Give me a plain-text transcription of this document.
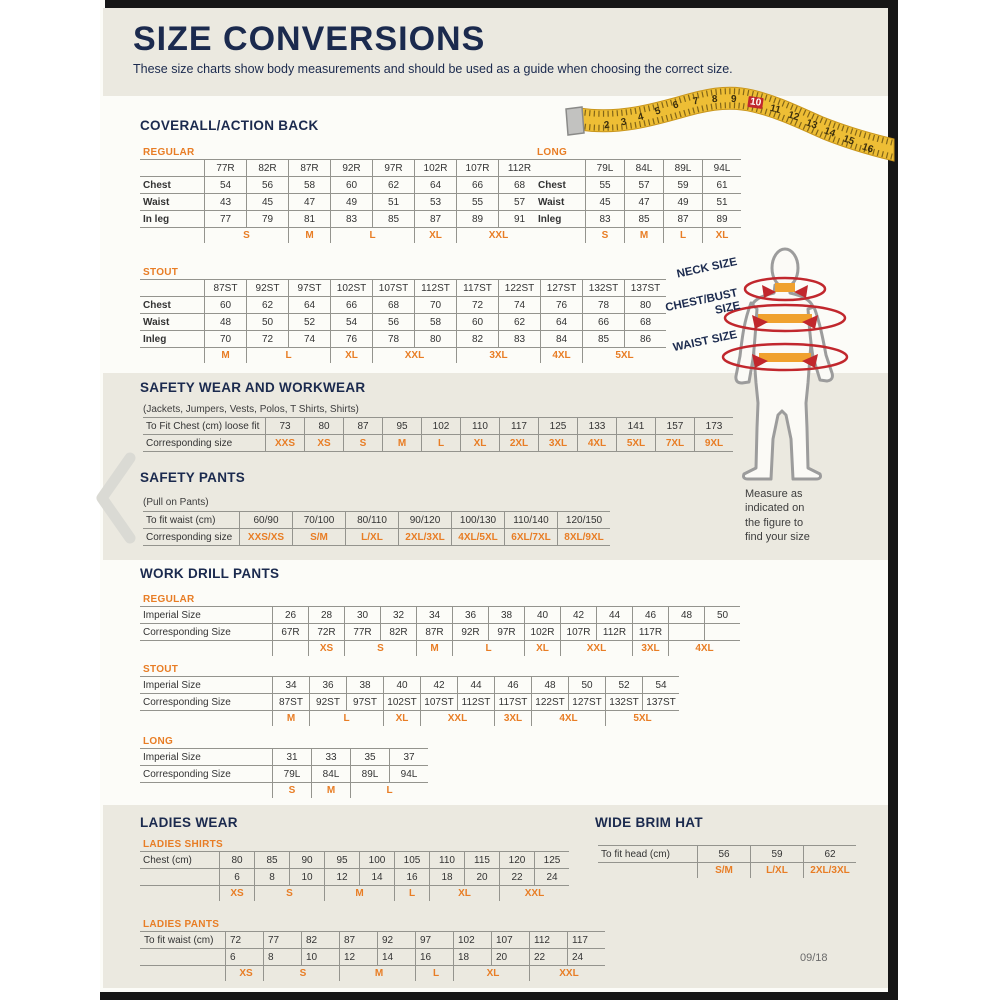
SIZE CONVERSIONS
These size charts show body measurements and should be used as a guide when choosing the correct size.
2 3 4 5 6 7 8 9 10
11
12
13
14
15
16
COVERALL/ACTION BACK
REGULAR
	77R	82R	87R	92R	97R	102R	107R	112R
Chest	54	56	58	60	62	64	66	68
Waist	43	45	47	49	51	53	55	57
In leg	77	79	81	83	85	87	89	91
	S		M	L		XL	XXL	
LONG
	79L	84L	89L	94L
Chest	55	57	59	61
Waist	45	47	49	51
Inleg	83	85	87	89
	S	M	L	XL
STOUT
	87ST	92ST	97ST	102ST	107ST	112ST	117ST	122ST	127ST	132ST	137ST
Chest	60	62	64	66	68	70	72	74	76	78	80
Waist	48	50	52	54	56	58	60	62	64	66	68
Inleg	70	72	74	76	78	80	82	83	84	85	86
	M	L		XL	XXL		3XL		4XL	5XL	
SAFETY WEAR AND WORKWEAR
(Jackets, Jumpers, Vests, Polos, T Shirts, Shirts)
To Fit Chest (cm) loose fit	73	80	87	95	102	110	117	125	133	141	157	173
Corresponding size	XXS	XS	S	M	L	XL	2XL	3XL	4XL	5XL	7XL	9XL
SAFETY PANTS
(Pull on Pants)
To fit waist (cm)	60/90	70/100	80/110	90/120	100/130	110/140	120/150
Corresponding size	XXS/XS	S/M	L/XL	2XL/3XL	4XL/5XL	6XL/7XL	8XL/9XL
WORK DRILL PANTS
REGULAR
Imperial Size	26	28	30	32	34	36	38	40	42	44	46	48	50
Corresponding Size	67R	72R	77R	82R	87R	92R	97R	102R	107R	112R	117R		
		XS	S		M	L		XL	XXL		3XL	4XL	
STOUT
Imperial Size	34	36	38	40	42	44	46	48	50	52	54
Corresponding Size	87ST	92ST	97ST	102ST	107ST	112ST	117ST	122ST	127ST	132ST	137ST
	M	L		XL	XXL		3XL	4XL		5XL	
LONG
Imperial Size	31	33	35	37
Corresponding Size	79L	84L	89L	94L
	S	M	L	
LADIES WEAR
LADIES SHIRTS
Chest (cm)	80	85	90	95	100	105	110	115	120	125
	6	8	10	12	14	16	18	20	22	24
	XS	S		M		L	XL		XXL	
LADIES PANTS
To fit waist (cm)	72	77	82	87	92	97	102	107	112	117
	6	8	10	12	14	16	18	20	22	24
	XS	S		M		L	XL		XXL	
WIDE BRIM HAT
To fit head (cm)	56	59	62
	S/M	L/XL	2XL/3XL
NECK SIZE
CHEST/BUST SIZE
WAIST SIZE
Measure as indicated on the figure to find your size
09/18
